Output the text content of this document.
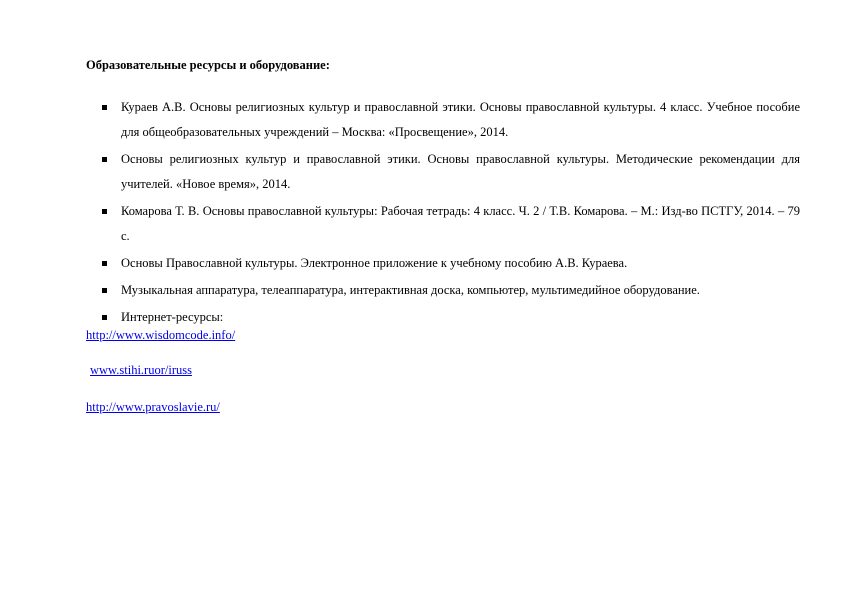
Образовательные ресурсы и оборудование:
Кураев А.В. Основы религиозных культур и православной этики. Основы православной культуры. 4 класс. Учебное пособие для общеобразовательных учреждений – Москва: «Просвещение», 2014.
Основы религиозных культур и православной этики. Основы православной культуры. Методические рекомендации для учителей. «Новое время», 2014.
Комарова Т. В. Основы православной культуры: Рабочая тетрадь: 4 класс. Ч. 2 / Т.В. Комарова. – М.: Изд-во ПСТГУ, 2014. – 79 с.
Основы Православной культуры. Электронное приложение к учебному пособию А.В. Кураева.
Музыкальная аппаратура, телеаппаратура, интерактивная доска, компьютер, мультимедийное оборудование.
Интернет-ресурсы:
http://www.wisdomcode.info/
www.stihi.ruor/iruss
http://www.pravoslavie.ru/
